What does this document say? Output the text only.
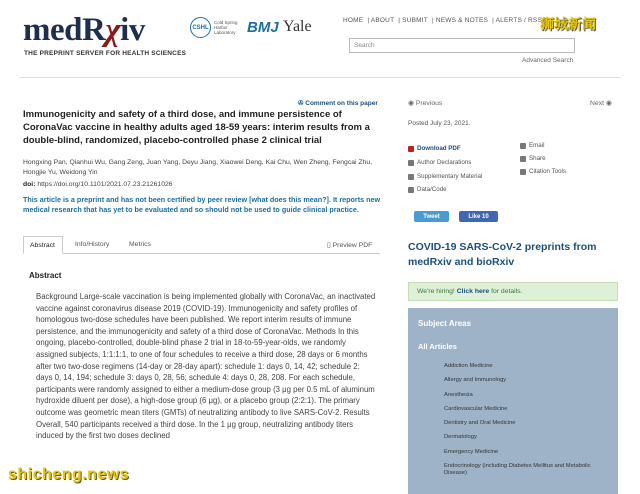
medRχiv
THE PREPRINT SERVER FOR HEALTH SCIENCES
CSHL
Cold Spring Harbor Laboratory BMJ Yale	HOME | ABOUT | SUBMIT | NEWS & NOTES | ALERTS / RSS
Search
Advanced Search
狮城新闻
✇ Comment on this paper
Immunogenicity and safety of a third dose, and immune persistence of CoronaVac vaccine in healthy adults aged 18-59 years: interim results from a double-blind, randomized, placebo-controlled phase 2 clinical trial
Hongxing Pan, Qianhui Wu, Gang Zeng, Juan Yang, Deyu Jiang, Xiaowei Deng, Kai Chu, Wen Zheng, Fengcai Zhu, Hongjie Yu, Weidong Yin
doi: https://doi.org/10.1101/2021.07.23.21261026
This article is a preprint and has not been certified by peer review [what does this mean?]. It reports new medical research that has yet to be evaluated and so should not be used to guide clinical practice.
Abstract	Info/History	Metrics	▯ Preview PDF
Abstract
Background Large-scale vaccination is being implemented globally with CoronaVac, an inactivated vaccine against coronavirus disease 2019 (COVID-19). Immunogenicity and safety profiles of homologous two-dose schedules have been published. We report interim results of immune persistence, and the immunogenicity and safety of a third dose of CoronaVac. Methods In this ongoing, placebo-controlled, double-blind phase 2 trial in 18-to-59-year-olds, we randomly assigned subjects, 1:1:1:1, to one of four schedules to receive a third dose, 28 days or 6 months after two two-dose regimens (14-day or 28-day apart): schedule 1: days 0, 14, 42; schedule 2: days 0, 14, 194; schedule 3: days 0, 28, 56; schedule 4: days 0, 28, 208. For each schedule, participants were randomly assigned to either a medium-dose group (3 μg per 0.5 mL of aluminum hydroxide diluent per dose), a high-dose group (6 μg), or a placebo group (2:2:1). The primary outcome was geometric mean titers (GMTs) of neutralizing antibody to live SARS-CoV-2. Results Overall, 540 participants received a third dose. In the 1 μg group, neutralizing antibody titers induced by the first two doses declined
◉ Previous	Next ◉
Posted July 23, 2021.
Download PDF
Author Declarations
Supplementary Material
Data/Code
Email
Share
Citation Tools
Tweet	Like 10
COVID-19 SARS-CoV-2 preprints from medRxiv and bioRxiv
We're hiring! Click here for details.
Subject Areas
All Articles
Addiction Medicine
Allergy and Immunology
Anesthesia
Cardiovascular Medicine
Dentistry and Oral Medicine
Dermatology
Emergency Medicine
Endocrinology (including Diabetes Mellitus and Metabolic Disease)
shicheng.news
